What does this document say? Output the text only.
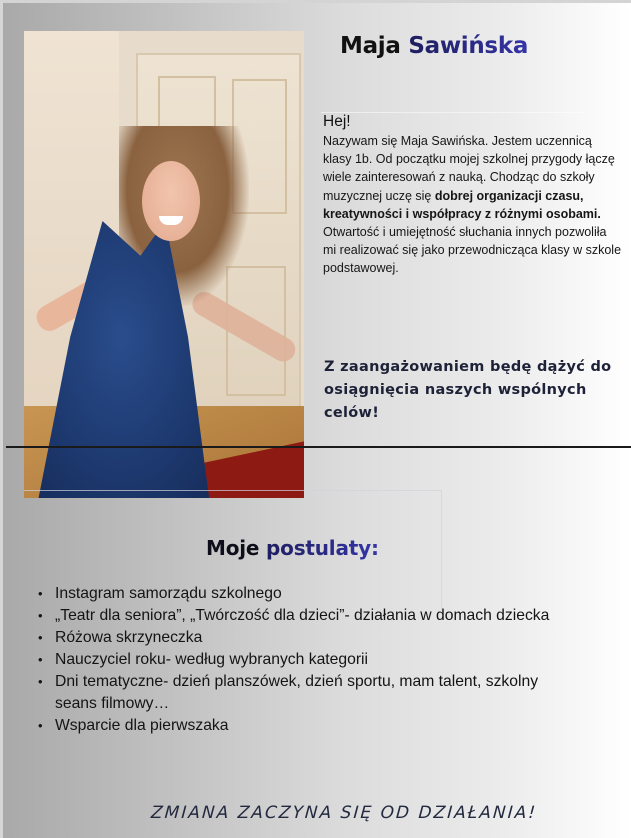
Maja Sawińska
Hej!

Nazywam się Maja Sawińska. Jestem uczennicą klasy 1b. Od początku mojej szkolnej przygody łączę wiele zainteresowań z nauką. Chodząc do szkoły muzycznej uczę się dobrej organizacji czasu, kreatywności i współpracy z różnymi osobami. Otwartość i umiejętność słuchania innych pozwoliła mi realizować się jako przewodnicząca klasy w szkole podstawowej.

Z zaangażowaniem będę dążyć do osiągnięcia naszych wspólnych celów!

Moje postulaty:
• Instagram samorządu szkolnego
• „Teatr dla seniora”, „Twórczość dla dzieci”- działania w domach dziecka
• Różowa skrzyneczka
• Nauczyciel roku- według wybranych kategorii
• Dni tematyczne- dzień planszówek, dzień sportu, mam talent, szkolny seans filmowy…
• Wsparcie dla pierwszaka
ZMIANA ZACZYNA SIĘ OD DZIAŁANIA!
